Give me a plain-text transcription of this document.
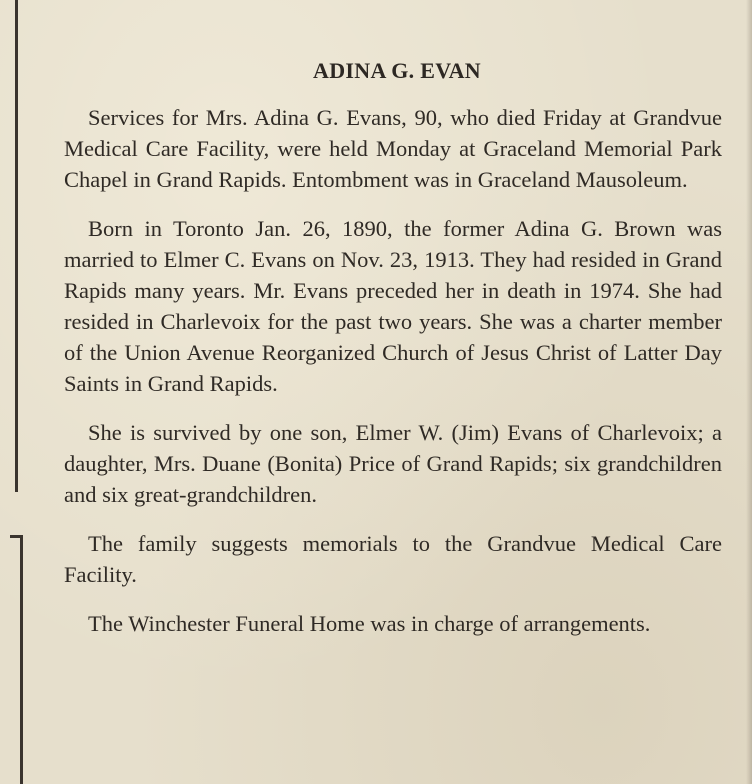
ADINA G. EVAN

Services for Mrs. Adina G. Evans, 90, who died Friday at Grandvue Medical Care Facility, were held Monday at Graceland Memorial Park Chapel in Grand Rapids. Entombment was in Graceland Mausoleum.

Born in Toronto Jan. 26, 1890, the former Adina G. Brown was married to Elmer C. Evans on Nov. 23, 1913. They had resided in Grand Rapids many years. Mr. Evans preceded her in death in 1974. She had resided in Charlevoix for the past two years. She was a charter member of the Union Avenue Reorganized Church of Jesus Christ of Latter Day Saints in Grand Rapids.

She is survived by one son, Elmer W. (Jim) Evans of Charlevoix; a daughter, Mrs. Duane (Bonita) Price of Grand Rapids; six grandchildren and six great-grandchildren.

The family suggests memorials to the Grandvue Medical Care Facility.

The Winchester Funeral Home was in charge of arrangements.
